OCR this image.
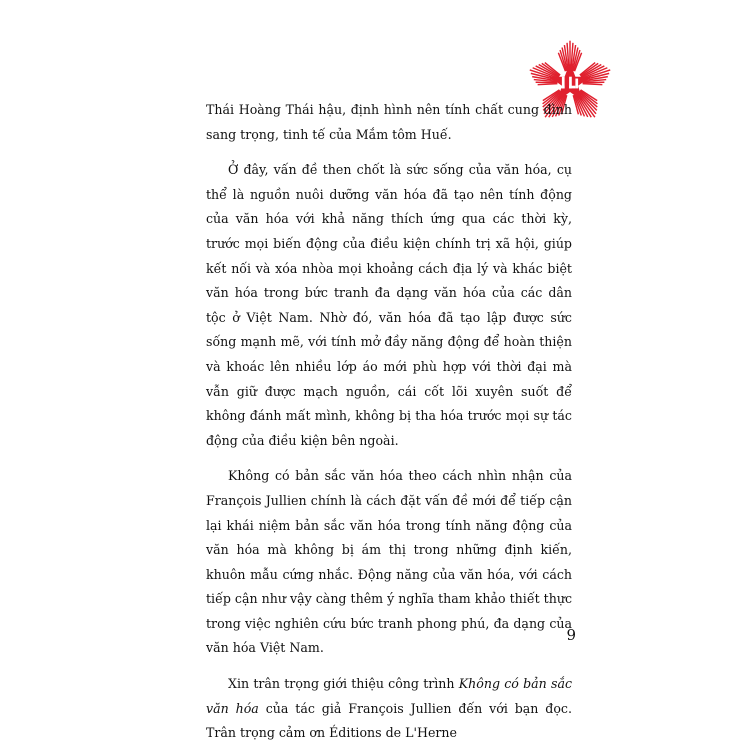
Thái Hoàng Thái hậu, định hình nên tính chất cung đình sang trọng, tinh tế của Mắm tôm Huế.

Ở đây, vấn đề then chốt là sức sống của văn hóa, cụ thể là nguồn nuôi dưỡng văn hóa đã tạo nên tính động của văn hóa với khả năng thích ứng qua các thời kỳ, trước mọi biến động của điều kiện chính trị xã hội, giúp kết nối và xóa nhòa mọi khoảng cách địa lý và khác biệt văn hóa trong bức tranh đa dạng văn hóa của các dân tộc ở Việt Nam. Nhờ đó, văn hóa đã tạo lập được sức sống mạnh mẽ, với tính mở đầy năng động để hoàn thiện và khoác lên nhiều lớp áo mới phù hợp với thời đại mà vẫn giữ được mạch nguồn, cái cốt lõi xuyên suốt để không đánh mất mình, không bị tha hóa trước mọi sự tác động của điều kiện bên ngoài.

Không có bản sắc văn hóa theo cách nhìn nhận của François Jullien chính là cách đặt vấn đề mới để tiếp cận lại khái niệm bản sắc văn hóa trong tính năng động của văn hóa mà không bị ám thị trong những định kiến, khuôn mẫu cứng nhắc. Động năng của văn hóa, với cách tiếp cận như vậy càng thêm ý nghĩa tham khảo thiết thực trong việc nghiên cứu bức tranh phong phú, đa dạng của văn hóa Việt Nam.

Xin trân trọng giới thiệu công trình Không có bản sắc văn hóa của tác giả François Jullien đến với bạn đọc. Trân trọng cảm ơn Éditions de L'Herne

9
